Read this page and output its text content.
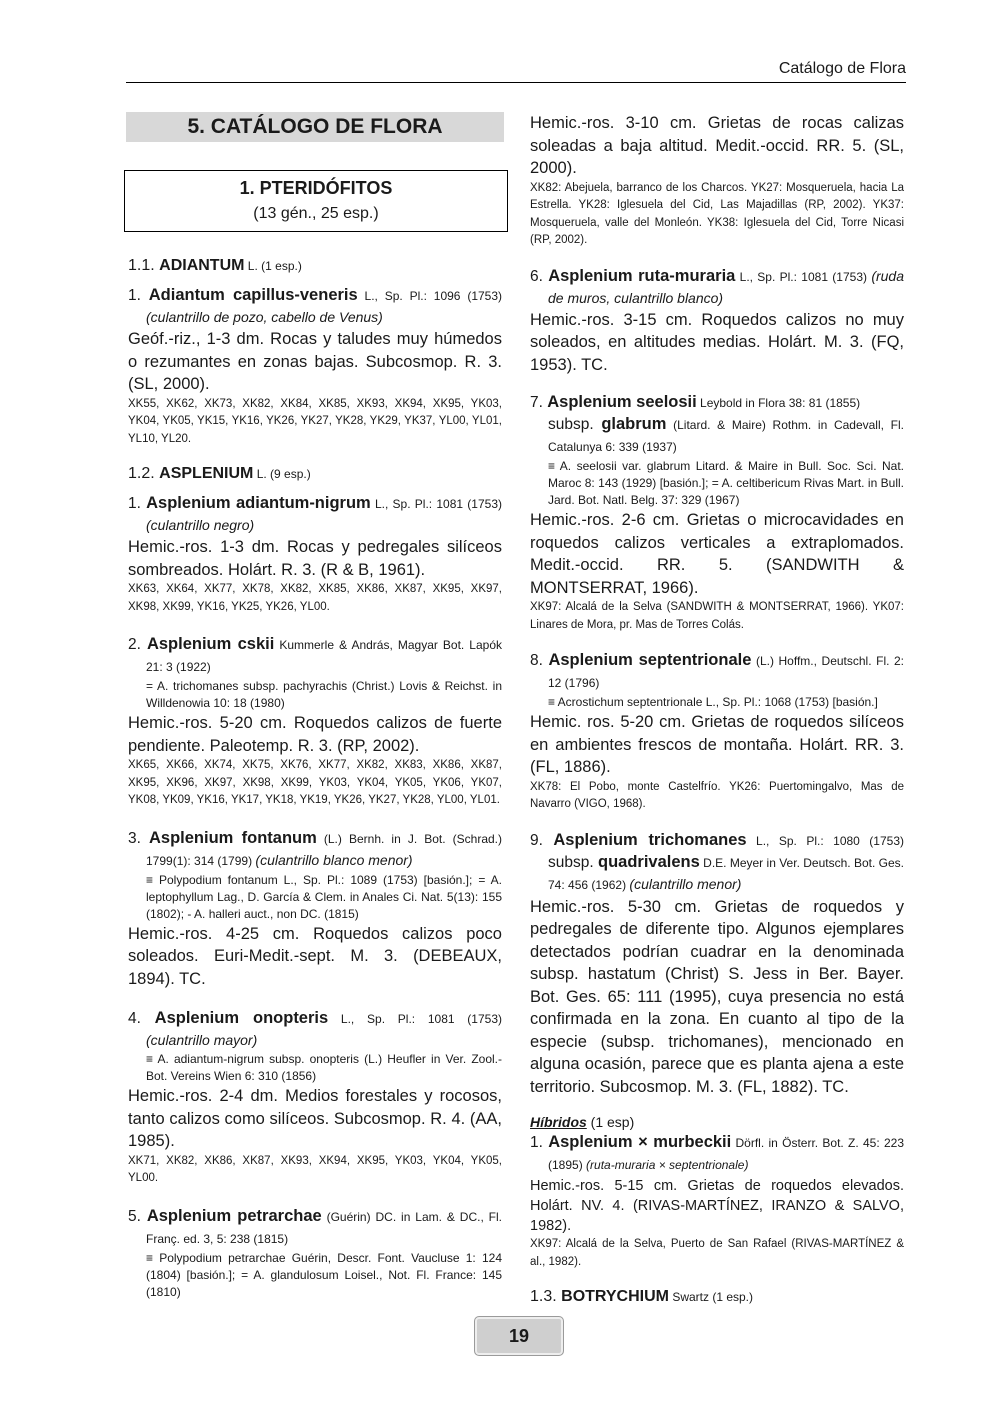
Catálogo de Flora
5. CATÁLOGO DE FLORA
1. PTERIDÓFITOS
(13 gén., 25 esp.)
1.1. ADIANTUM L. (1 esp.)
1. Adiantum capillus-veneris L., Sp. Pl.: 1096 (1753) (culantrillo de pozo, cabello de Venus)
Geóf.-riz., 1-3 dm. Rocas y taludes muy húmedos o rezumantes en zonas bajas. Subcosmop. R. 3. (SL, 2000).
XK55, XK62, XK73, XK82, XK84, XK85, XK93, XK94, XK95, YK03, YK04, YK05, YK15, YK16, YK26, YK27, YK28, YK29, YK37, YL00, YL01, YL10, YL20.
1.2. ASPLENIUM L. (9 esp.)
1. Asplenium adiantum-nigrum L., Sp. Pl.: 1081 (1753) (culantrillo negro)
Hemic.-ros. 1-3 dm. Rocas y pedregales silíceos sombreados. Holárt. R. 3. (R & B, 1961).
XK63, XK64, XK77, XK78, XK82, XK85, XK86, XK87, XK95, XK97, XK98, XK99, YK16, YK25, YK26, YL00.
2. Asplenium cskii Kummerle & András, Magyar Bot. Lapók 21: 3 (1922)
= A. trichomanes subsp. pachyrachis (Christ.) Lovis & Reichst. in Willdenowia 10: 18 (1980)
Hemic.-ros. 5-20 cm. Roquedos calizos de fuerte pendiente. Paleotemp. R. 3. (RP, 2002).
XK65, XK66, XK74, XK75, XK76, XK77, XK82, XK83, XK86, XK87, XK95, XK96, XK97, XK98, XK99, YK03, YK04, YK05, YK06, YK07, YK08, YK09, YK16, YK17, YK18, YK19, YK26, YK27, YK28, YL00, YL01.
3. Asplenium fontanum (L.) Bernh. in J. Bot. (Schrad.) 1799(1): 314 (1799) (culantrillo blanco menor)
≡ Polypodium fontanum L., Sp. Pl.: 1089 (1753) [basión.]; = A. leptophyllum Lag., D. García & Clem. in Anales Ci. Nat. 5(13): 155 (1802); - A. halleri auct., non DC. (1815)
Hemic.-ros. 4-25 cm. Roquedos calizos poco soleados. Euri-Medit.-sept. M. 3. (DEBEAUX, 1894). TC.
4. Asplenium onopteris L., Sp. Pl.: 1081 (1753) (culantrillo mayor)
≡ A. adiantum-nigrum subsp. onopteris (L.) Heufler in Ver. Zool.-Bot. Vereins Wien 6: 310 (1856)
Hemic.-ros. 2-4 dm. Medios forestales y rocosos, tanto calizos como silíceos. Subcosmop. R. 4. (AA, 1985).
XK71, XK82, XK86, XK87, XK93, XK94, XK95, YK03, YK04, YK05, YL00.
5. Asplenium petrarchae (Guérin) DC. in Lam. & DC., Fl. Franç. ed. 3, 5: 238 (1815)
≡ Polypodium petrarchae Guérin, Descr. Font. Vaucluse 1: 124 (1804) [basión.]; = A. glandulosum Loisel., Not. Fl. France: 145 (1810)
Hemic.-ros. 3-10 cm. Grietas de rocas calizas soleadas a baja altitud. Medit.-occid. RR. 5. (SL, 2000).
XK82: Abejuela, barranco de los Charcos. YK27: Mosqueruela, hacia La Estrella. YK28: Iglesuela del Cid, Las Majadillas (RP, 2002). YK37: Mosqueruela, valle del Monleón. YK38: Iglesuela del Cid, Torre Nicasi (RP, 2002).
6. Asplenium ruta-muraria L., Sp. Pl.: 1081 (1753) (ruda de muros, culantrillo blanco)
Hemic.-ros. 3-15 cm. Roquedos calizos no muy soleados, en altitudes medias. Holárt. M. 3. (FQ, 1953). TC.
7. Asplenium seelosii Leybold in Flora 38: 81 (1855)
subsp. glabrum (Litard. & Maire) Rothm. in Cadevall, Fl. Catalunya 6: 339 (1937)
≡ A. seelosii var. glabrum Litard. & Maire in Bull. Soc. Sci. Nat. Maroc 8: 143 (1929) [basión.]; = A. celtibericum Rivas Mart. in Bull. Jard. Bot. Natl. Belg. 37: 329 (1967)
Hemic.-ros. 2-6 cm. Grietas o microcavidades en roquedos calizos verticales a extraplomados. Medit.-occid. RR. 5. (SANDWITH & MONTSERRAT, 1966).
XK97: Alcalá de la Selva (SANDWITH & MONTSERRAT, 1966). YK07: Linares de Mora, pr. Mas de Torres Colás.
8. Asplenium septentrionale (L.) Hoffm., Deutschl. Fl. 2: 12 (1796)
≡ Acrostichum septentrionale L., Sp. Pl.: 1068 (1753) [basión.]
Hemic. ros. 5-20 cm. Grietas de roquedos silíceos en ambientes frescos de montaña. Holárt. RR. 3. (FL, 1886).
XK78: El Pobo, monte Castelfrío. YK26: Puertomingalvo, Mas de Navarro (VIGO, 1968).
9. Asplenium trichomanes L., Sp. Pl.: 1080 (1753) subsp. quadrivalens D.E. Meyer in Ver. Deutsch. Bot. Ges. 74: 456 (1962) (culantrillo menor)
Hemic.-ros. 5-30 cm. Grietas de roquedos y pedregales de diferente tipo. Algunos ejemplares detectados podrían cuadrar en la denominada subsp. hastatum (Christ) S. Jess in Ber. Bayer. Bot. Ges. 65: 111 (1995), cuya presencia no está confirmada en la zona. En cuanto al tipo de la especie (subsp. trichomanes), mencionado en alguna ocasión, parece que es planta ajena a este territorio. Subcosmop. M. 3. (FL, 1882). TC.
Híbridos (1 esp)
1. Asplenium × murbeckii Dörfl. in Österr. Bot. Z. 45: 223 (1895) (ruta-muraria × septentrionale)
Hemic.-ros. 5-15 cm. Grietas de roquedos elevados. Holárt. NV. 4. (RIVAS-MARTÍNEZ, IRANZO & SALVO, 1982).
XK97: Alcalá de la Selva, Puerto de San Rafael (RIVAS-MARTÍNEZ & al., 1982).
1.3. BOTRYCHIUM Swartz (1 esp.)
19
